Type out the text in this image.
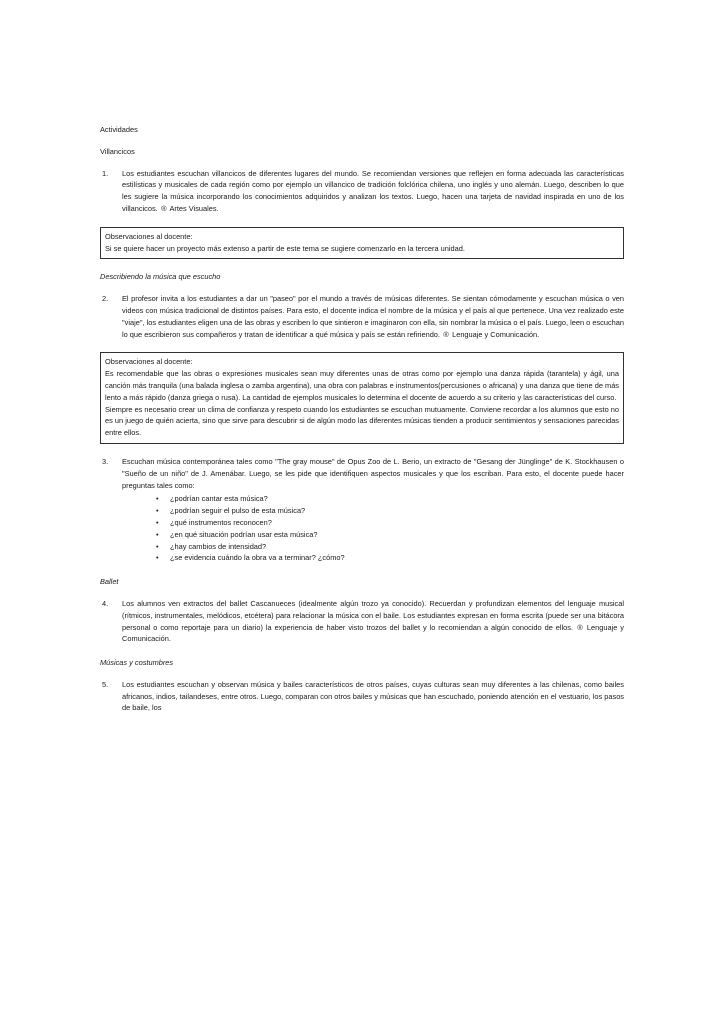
Actividades
Villancicos
1.	Los estudiantes escuchan villancicos de diferentes lugares del mundo. Se recomiendan versiones que reflejen en forma adecuada las características estilísticas y musicales de cada región como por ejemplo un villancico de tradición folclórica chilena, uno inglés y uno alemán. Luego, describen lo que les sugiere la música incorporando los conocimientos adquiridos y analizan los textos. Luego, hacen una tarjeta de navidad inspirada en uno de los villancicos. ® Artes Visuales.
Observaciones al docente:

Si se quiere hacer un proyecto más extenso a partir de este tema se sugiere comenzarlo en la tercera unidad.

Describiendo la música que escucho
2.	El profesor invita a los estudiantes a dar un "paseo" por el mundo a través de músicas diferentes. Se sientan cómodamente y escuchan música o ven videos con música tradicional de distintos países. Para esto, el docente indica el nombre de la música y el país al que pertenece. Una vez realizado este "viaje", los estudiantes eligen una de las obras y escriben lo que sintieron e imaginaron con ella, sin nombrar la música o el país. Luego, leen o escuchan lo que escribieron sus compañeros y tratan de identificar a qué música y país se están refiriendo. ® Lenguaje y Comunicación.
Observaciones al docente:

Es recomendable que las obras o expresiones musicales sean muy diferentes unas de otras como por ejemplo una danza rápida (tarantela) y ágil, una canción más tranquila (una balada inglesa o zamba argentina), una obra con palabras e instrumentos(percusiones o africana) y una danza que tiene de más lento a más rápido (danza griega o rusa). La cantidad de ejemplos musicales lo determina el docente de acuerdo a su criterio y las características del curso.

Siempre es necesario crear un clima de confianza y respeto cuando los estudiantes se escuchan mutuamente. Conviene recordar a los alumnos que esto no es un juego de quién acierta, sino que sirve para descubrir si de algún modo las diferentes músicas tienden a producir sentimientos y sensaciones parecidas entre ellos.

3.	Escuchan música contemporánea tales como "The gray mouse" de Opus Zoo de L. Berio, un extracto de "Gesang der Jünglinge" de K. Stockhausen o "Sueño de un niño" de J. Amenábar. Luego, se les pide que identifiquen aspectos musicales y que los escriban. Para esto, el docente puede hacer preguntas tales como:
• ¿podrían cantar esta música?
• ¿podrían seguir el pulso de esta música?
• ¿qué instrumentos reconocen?
• ¿en qué situación podrían usar esta música?
• ¿hay cambios de intensidad?
• ¿se evidencia cuándo la obra va a terminar? ¿cómo?
Ballet
4.	Los alumnos ven extractos del ballet Cascanueces (idealmente algún trozo ya conocido). Recuerdan y profundizan elementos del lenguaje musical (rítmicos, instrumentales, melódicos, etcétera) para relacionar la música con el baile. Los estudiantes expresan en forma escrita (puede ser una bitácora personal o como reportaje para un diario) la experiencia de haber visto trozos del ballet y lo recomiendan a algún conocido de ellos. ® Lenguaje y Comunicación.
Músicas y costumbres
5.	Los estudiantes escuchan y observan música y bailes característicos de otros países, cuyas culturas sean muy diferentes a las chilenas, como bailes africanos, indios, tailandeses, entre otros. Luego, comparan con otros bailes y músicas que han escuchado, poniendo atención en el vestuario, los pasos de baile, los
